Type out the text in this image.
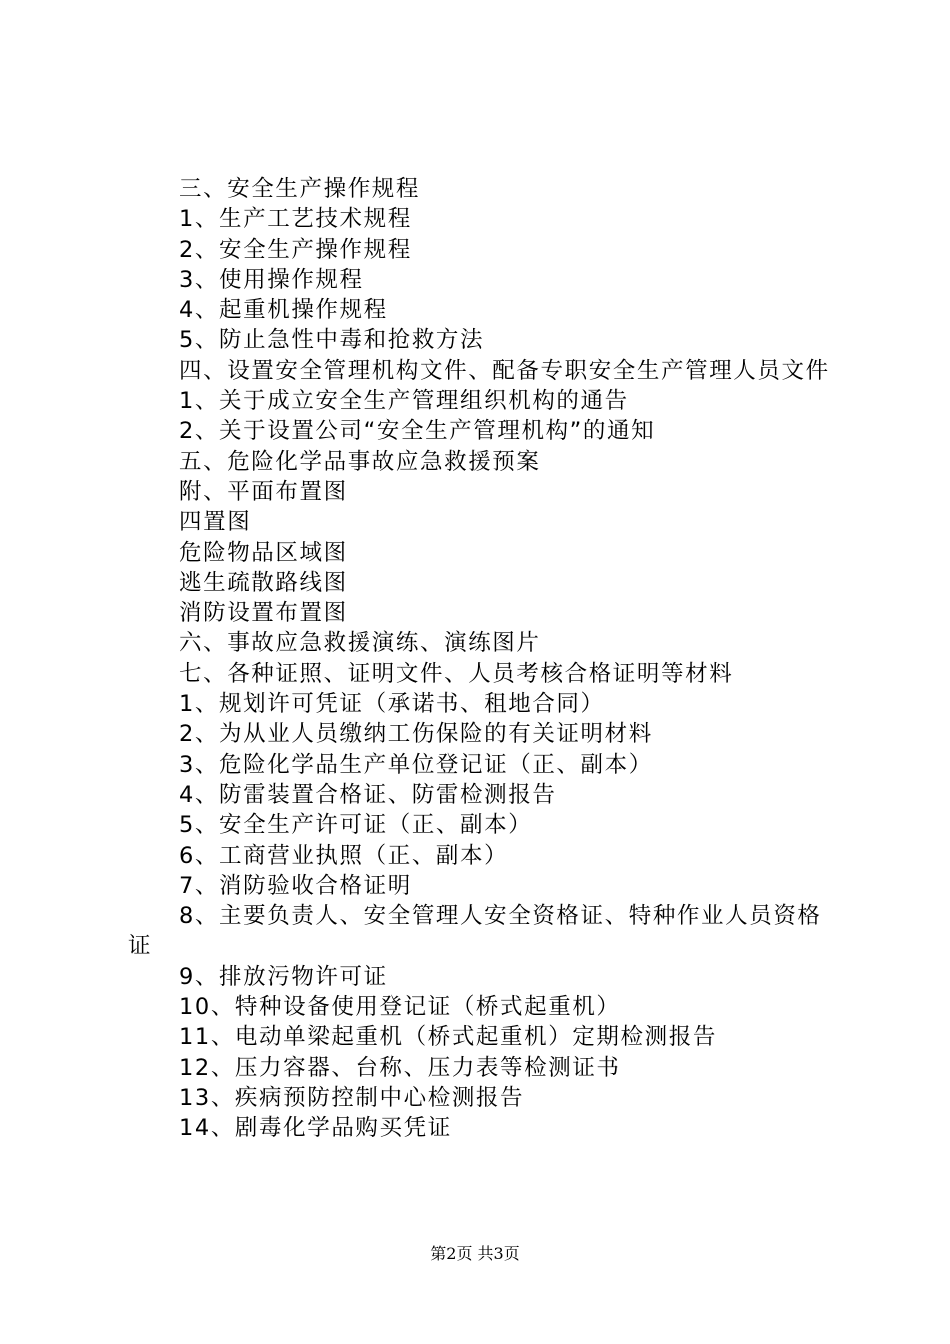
三、安全生产操作规程
1、生产工艺技术规程
2、安全生产操作规程
3、使用操作规程
4、起重机操作规程
5、防止急性中毒和抢救方法
四、设置安全管理机构文件、配备专职安全生产管理人员文件
1、关于成立安全生产管理组织机构的通告
2、关于设置公司“安全生产管理机构”的通知
五、危险化学品事故应急救援预案
附、平面布置图
四置图
危险物品区域图
逃生疏散路线图
消防设置布置图
六、事故应急救援演练、演练图片
七、各种证照、证明文件、人员考核合格证明等材料
1、规划许可凭证（承诺书、租地合同）
2、为从业人员缴纳工伤保险的有关证明材料
3、危险化学品生产单位登记证（正、副本）
4、防雷装置合格证、防雷检测报告
5、安全生产许可证（正、副本）
6、工商营业执照（正、副本）
7、消防验收合格证明
8、主要负责人、安全管理人安全资格证、特种作业人员资格证
9、排放污物许可证
10、特种设备使用登记证（桥式起重机）
11、电动单梁起重机（桥式起重机）定期检测报告
12、压力容器、台称、压力表等检测证书
13、疾病预防控制中心检测报告
14、剧毒化学品购买凭证
第2页 共3页
